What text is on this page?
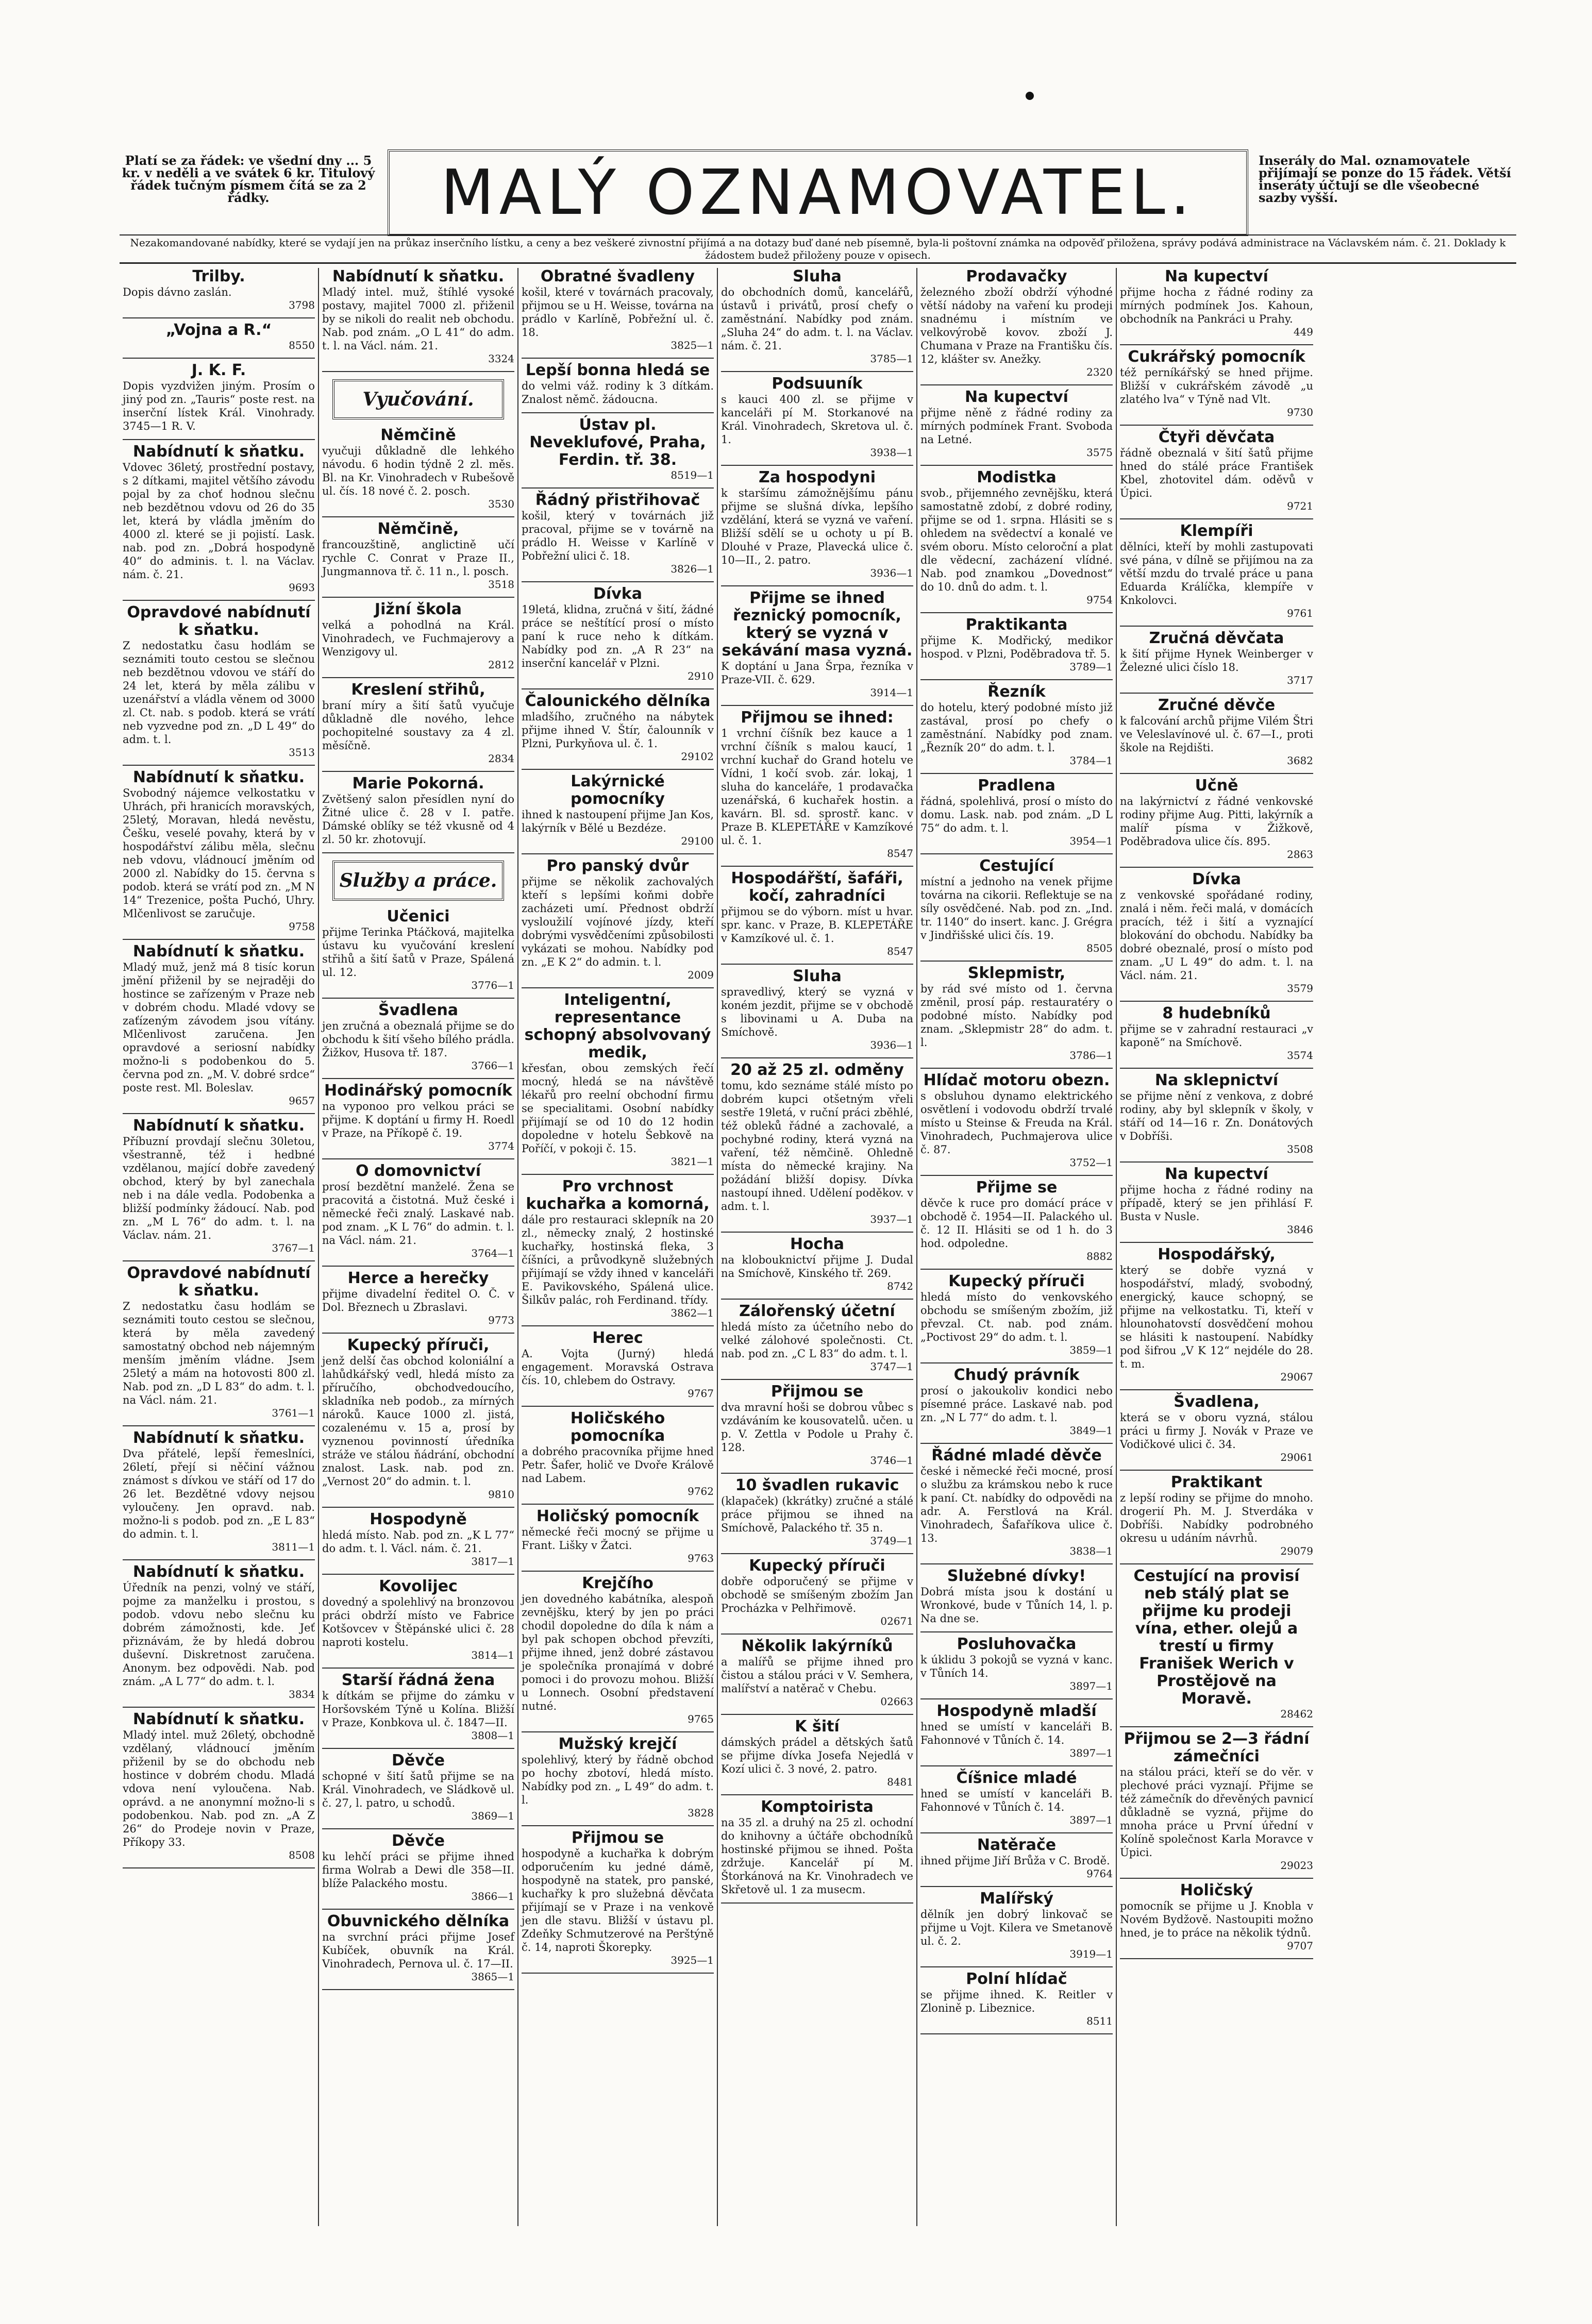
Platí se za řádek: ve všední dny ... 5 kr. v neděli a ve svátek 6 kr. Titulový řádek tučným písmem čítá se za 2 řádky.	MALÝ OZNAMOVATEL.	Inserály do Mal. oznamovatele přijímají se ponze do 15 řádek. Větší inseráty účtují se dle všeobecné sazby vyšší.
Nezakomandované nabídky, které se vydají jen na průkaz inserčního lístku, a ceny a bez veškeré zivnostní přijímá a na dotazy buď dané neb písemně, byla-li poštovní známka na odpověď přiložena, správy podává administrace na Václavském nám. č. 21. Doklady k žádostem budež přiloženy pouze v opisech.
Trilby.

Dopis dávno zaslán.

3798
„Vojna a R.“
8550
J. K. F.

Dopis vyzdvižen jiným. Prosím o jiný pod zn. „Tauris“ poste rest. na inserční lístek Král. Vinohrady. 3745—1 R. V.

Nabídnutí k sňatku.

Vdovec 36letý, prostřední postavy, s 2 dítkami, majitel většího závodu pojal by za choť hodnou slečnu neb bezdětnou vdovu od 26 do 35 let, která by vládla jměním do 4000 zl. které se ji pojistí. Lask. nab. pod zn. „Dobrá hospodyně 40“ do adminis. t. l. na Václav. nám. č. 21.

9693
Opravdové nabídnutí k sňatku.

Z nedostatku času hodlám se seznámiti touto cestou se slečnou neb bezdětnou vdovou ve stáří do 24 let, která by měla zálibu v uzenářství a vládla věnem od 3000 zl. Ct. nab. s podob. která se vrátí neb vyzvedne pod zn. „D L 49“ do adm. t. l.

3513
Nabídnutí k sňatku.

Svobodný nájemce velkostatku v Uhrách, při hranicích moravských, 25letý, Moravan, hledá nevěstu, Češku, veselé povahy, která by v hospodářství zálibu měla, slečnu neb vdovu, vládnoucí jměním od 2000 zl. Nabídky do 15. června s podob. která se vrátí pod zn. „M N 14“ Trezenice, pošta Puchó, Uhry. Mlčenlivost se zaručuje.

9758
Nabídnutí k sňatku.

Mladý muž, jenž má 8 tisíc korun jmění přiženil by se nejraději do hostince se zařízeným v Praze neb v dobrém chodu. Mladé vdovy se zaťízeným závodem jsou vítány. Mlčenlivost zaručena. Jen opravdové a seriosní nabídky možno-li s podobenkou do 5. června pod zn. „M. V. dobré srdce“ poste rest. Ml. Boleslav.

9657
Nabídnutí k sňatku.

Příbuzní provdají slečnu 30letou, všestranně, též i hedbné vzdělanou, mající dobře zavedený obchod, který by byl zanechala neb i na dále vedla. Podobenka a bližší podmínky žádoucí. Nab. pod zn. „M L 76“ do adm. t. l. na Václav. nám. 21.

3767—1
Opravdové nabídnutí k sňatku.

Z nedostatku času hodlám se seznámiti touto cestou se slečnou, která by měla zavedený samostatný obchod neb nájemným menším jměním vládne. Jsem 25letý a mám na hotovosti 800 zl. Nab. pod zn. „D L 83“ do adm. t. l. na Václ. nám. 21.

3761—1
Nabídnutí k sňatku.

Dva přátelé, lepší řemeslníci, 26letí, přejí si něčiní vážnou známost s dívkou ve stáří od 17 do 26 let. Bezdětné vdovy nejsou vyloučeny. Jen opravd. nab. možno-li s podob. pod zn. „E L 83“ do admin. t. l.

3811—1
Nabídnutí k sňatku.

Úředník na penzi, volný ve stáří, pojme za manželku i prostou, s podob. vdovu nebo slečnu ku dobrém zámožnosti, kde. Jeť přiznávám, že by hledá dobrou duševní. Diskretnost zaručena. Anonym. bez odpovědi. Nab. pod znám. „A L 77“ do adm. t. l.

3834
Nabídnutí k sňatku.

Mladý intel. muž 26letý, obchodně vzdělaný, vládnoucí jměním přiženil by se do obchodu neb hostince v dobrém chodu. Mladá vdova není vyloučena. Nab. oprávd. a ne anonymní možno-li s podobenkou. Nab. pod zn. „A Z 26“ do Prodeje novin v Praze, Příkopy 33.

8508
Nabídnutí k sňatku.

Mladý intel. muž, štíhlé vysoké postavy, majitel 7000 zl. přiženil by se nikoli do realit neb obchodu. Nab. pod znám. „O L 41“ do adm. t. l. na Václ. nám. 21.

3324
Vyučování.
Němčině

vyučuji důkladně dle lehkého návodu. 6 hodin týdně 2 zl. měs. Bl. na Kr. Vinohradech v Rubešově ul. čís. 18 nové č. 2. posch.

3530
Němčině,

francouzštině, anglictině učí rychle C. Conrat v Praze II., Jungmannova tř. č. 11 n., l. posch.

3518
Jižní škola

velká a pohodlná na Král. Vinohradech, ve Fuchmajerovy a Wenzigovy ul.

2812
Kreslení střihů,

braní míry a šití šatů vyučuje důkladně dle nového, lehce pochopitelné soustavy za 4 zl. měsíčně.

2834
Marie Pokorná.

Zvětšený salon přesídlen nyní do Žitné ulice č. 28 v I. patře. Dámské oblíky se též vkusně od 4 zl. 50 kr. zhotovují.

Služby a práce.
Učenici

přijme Terinka Ptáčková, majitelka ústavu ku vyučování kreslení střihů a šití šatů v Praze, Spálená ul. 12.

3776—1
Švadlena

jen zručná a obeznalá přijme se do obchodu k šití všeho bílého prádla. Žižkov, Husova tř. 187.

3766—1
Hodinářský pomocník

na vyponoo pro velkou práci se přijme. K doptání u firmy H. Roedl v Praze, na Příkopě č. 19.

3774
O domovnictví

prosí bezdětní manželé. Žena se pracovitá a čistotná. Muž české i německé řeči znalý. Laskavé nab. pod znam. „K L 76“ do admin. t. l. na Václ. nám. 21.

3764—1
Herce a herečky

přijme divadelní ředitel O. Č. v Dol. Březnech u Zbraslavi.

9773
Kupecký příruči,

jenž delší čas obchod koloniální a lahůdkářský vedl, hledá místo za příručího, obchodvedoucího, skladníka neb podob., za mírných nároků. Kauce 1000 zl. jistá, cozalenému v. 15 a, prosí by vyznenou povinností úředníka stráže ve stálou ňádrání, obchodní znalost. Lask. nab. pod zn. „Vernost 20“ do admin. t. l.

9810
Hospodyně

hledá místo. Nab. pod zn. „K L 77“ do adm. t. l. Václ. nám. č. 21.

3817—1
Kovolijec

dovedný a spolehlivý na bronzovou práci obdrží místo ve Fabrice Kotšovcev v Štěpánské ulici č. 28 naproti kostelu.

3814—1
Starší řádná žena

k dítkám se přijme do zámku v Horšovském Týně u Kolína. Bližší v Praze, Konbkova ul. č. 1847—II.

3808—1
Děvče

schopné v šití šatů přijme se na Král. Vinohradech, ve Sládkově ul. č. 27, l. patro, u schodů.

3869—1
Děvče

ku lehčí práci se přijme ihned firma Wolrab a Dewi dle 358—II. blíže Palackého mostu.

3866—1
Obuvnického dělníka

na svrchní práci přijme Josef Kubíček, obuvník na Král. Vinohradech, Pernova ul. č. 17—II.

3865—1
Obratné švadleny

košil, které v továrnách pracovaly, přijmou se u H. Weisse, továrna na prádlo v Karlíně, Pobřežní ul. č. 18.

3825—1
Lepší bonna hledá se

do velmi váž. rodiny k 3 dítkám. Znalost němč. žádoucna.

Ústav pl. Neveklufové, Praha, Ferdin. tř. 38.
8519—1
Řádný přistřihovač

košil, který v továrnách již pracoval, přijme se v továrně na prádlo H. Weisse v Karlíně v Pobřežní ulici č. 18.

3826—1
Dívka

19letá, klidna, zručná v šití, žádné práce se neštítící prosí o místo paní k ruce neho k dítkám. Nabídky pod zn. „A R 23“ na inserční kancelář v Plzni.

2910
Čalounického dělníka

mladšího, zručného na nábytek přijme ihned V. Štír, čalounník v Plzni, Purkyňova ul. č. 1.

29102
Lakýrnické pomocníky

ihned k nastoupení přijme Jan Kos, lakýrník v Bělé u Bezdéze.

29100
Pro panský dvůr

přijme se několik zachovalých kteří s lepšími koňmi dobře zacházeti umí. Přednost obdrží vysloužilí vojínové jízdy, kteří dobrými vysvědčeními způsobilosti vykázati se mohou. Nabídky pod zn. „E K 2“ do admin. t. l.

2009
Inteligentní, representance schopný absolvovaný medik,

křesťan, obou zemských řečí mocný, hledá se na návštěvě lékařů pro reelní obchodní firmu se specialitami. Osobní nabídky přijímají se od 10 do 12 hodin dopoledne v hotelu Šebkově na Poříčí, v pokoji č. 15.

3821—1
Pro vrchnost kuchařka a komorná,

dále pro restauraci sklepník na 20 zl., německy znalý, 2 hostinské kuchařky, hostinská fleka, 3 číšníci, a průvodkyně služebných přijímají se vždy ihned v kanceláři E. Pavikovského, Spálená ulice. Šilkův palác, roh Ferdinand. třídy.

3862—1
Herec

A. Vojta (Jurný) hledá engagement. Moravská Ostrava čís. 10, chlebem do Ostravy.

9767
Holičského pomocníka

a dobrého pracovníka přijme hned Petr. Šafer, holič ve Dvoře Králově nad Labem.

9762
Holičský pomocník

německé řeči mocný se přijme u Frant. Lišky v Žatci.

9763
Krejčího

jen dovedného kabátníka, alespoň zevnějšku, který by jen po práci chodil dopoledne do díla k nám a byl pak schopen obchod převzíti, přijme ihned, jenž dobré zástavou je společníka pronajímá v dobré pomoci i do provozu mohou. Bližší u Lonnech. Osobní představení nutné.

9765
Mužský krejčí

spolehlivý, který by řádně obchod po hochy zbotoví, hledá místo. Nabídky pod zn. „ L 49“ do adm. t. l.

3828
Přijmou se

hospodyně a kuchařka k dobrým odporučením ku jedné dámě, hospodyně na statek, pro panské, kuchařky k pro služebná děvčata přijímají se v Praze i na venkově jen dle stavu. Bližší v ústavu pl. Zdeňky Schmutzerové na Perštýně č. 14, naproti Škorepky.

3925—1
Sluha

do obchodních domů, kancelářů, ústavů i privátů, prosí chefy o zaměstnání. Nabídky pod znám. „Sluha 24“ do adm. t. l. na Václav. nám. č. 21.

3785—1
Podsuuník

s kauci 400 zl. se přijme v kanceláři pí M. Storkanové na Král. Vinohradech, Skretova ul. č. 1.

3938—1
Za hospodyni

k staršímu zámožnějšímu pánu přijme se slušná dívka, lepšího vzdělání, která se vyzná ve vaření. Bližší sdělí se u ochoty u pí B. Dlouhé v Praze, Plavecká ulice č. 10—II., 2. patro.

3936—1
Přijme se ihned řeznický pomocník, který se vyzná v sekávání masa vyzná.

K doptání u Jana Šrpa, řezníka v Praze-VII. č. 629.

3914—1
Přijmou se ihned:

1 vrchní číšník bez kauce a 1 vrchní číšník s malou kaucí, 1 vrchní kuchař do Grand hotelu ve Vídni, 1 kočí svob. zár. lokaj, 1 sluha do kanceláře, 1 prodavačka uzenářská, 6 kuchařek hostin. a kavárn. Bl. sd. sprostř. kanc. v Praze B. KLEPETÁŘE v Kamzíkové ul. č. 1.

8547
Hospodářští, šafáři, kočí, zahradníci

přijmou se do výborn. míst u hvar. spr. kanc. v Praze, B. KLEPETÁŘE v Kamzíkové ul. č. 1.

8547
Sluha

spravedlivý, který se vyzná v koném jezdit, přijme se v obchodě s libovinami u A. Duba na Smíchově.

3936—1
20 až 25 zl. odměny

tomu, kdo seznáme stálé místo po dobrém kupci otšetným vřeli sestře 19letá, v ruční práci zběhlé, též obleků řádné a zachovalé, a pochybné rodiny, která vyzná na vaření, též němčině. Ohledně místa do německé krajiny. Na požádání bližší dopisy. Dívka nastoupí ihned. Udělení poděkov. v adm. t. l.

3937—1
Hocha

na klobouknictví přijme J. Dudal na Smíchově, Kinského tř. 269.

8742
Zálořenský účetní

hledá místo za účetního nebo do velké zálohové společnosti. Ct. nab. pod zn. „C L 83“ do adm. t. l.

3747—1
Přijmou se

dva mravní hoši se dobrou vůbec s vzdáváním ke kousovatelů. učen. u p. V. Zettla v Podole u Prahy č. 128.

3746—1
10 švadlen rukavic

(klapaček) (kkrátky) zručné a stálé práce přijmou se ihned na Smíchově, Palackého tř. 35 n.

3749—1
Kupecký příruči

dobře odporučený se přijme v obchodě se smíšeným zbožím Jan Procházka v Pelhřimově.

02671
Několik lakýrníků

a malířů se přijme ihned pro čistou a stálou práci v V. Semhera, malířství a natěrač v Chebu.

02663
K šití

dámských prádel a dětských šatů se přijme dívka Josefa Nejedlá v Kozí ulici č. 3 nové, 2. patro.

8481
Komptoiristа

na 35 zl. a druhý na 25 zl. ochodní do knihovny a účtáře obchodníků hostinské přijmou se ihned. Pošta zdržuje. Kancelář pí M. Štorkánová na Kr. Vinohradech ve Skřetově ul. 1 za musecm.

Prodavačky

železného zboží obdrží výhodné větší nádoby na vaření ku prodeji snadnému i místním ve velkovýrobě kovov. zboží J. Chumana v Praze na Františku čís. 12, klášter sv. Anežky.

2320
Na kupectví

přijme něně z řádné rodiny za mírných podmínek Frant. Svoboda na Letné.

3575
Modistka

svob., přijemného zevnějšku, která samostatně zdobí, z dobré rodiny, přijme se od 1. srpna. Hlásiti se s ohledem na svědectví a konalé ve svém oboru. Místo celoroční a plat dle vědecní, zacházení vlídné. Nab. pod znamkou „Dovednost“ do 10. dnů do adm. t. l.

9754
Praktikanta

přijme K. Modřický, medikor hospod. v Plzni, Poděbradova tř. 5.

3789—1
Řezník

do hotelu, který podobné místo již zastával, prosí po chefy o zaměstnání. Nabídky pod znam. „Řezník 20“ do adm. t. l.

3784—1
Pradlena

řádná, spolehlivá, prosí o místo do domu. Lask. nab. pod znám. „D L 75“ do adm. t. l.

3954—1
Cestující

místní a jednoho na venek přijme továrna na cikorii. Reflektuje se na síly osvědčené. Nab. pod zn. „Ind. tr. 1140“ do insert. kanc. J. Grégra v Jindřišské ulici čís. 19.

8505
Sklepmistr,

by rád své místo od 1. června změnil, prosí páp. restauratéry o podobné místo. Nabídky pod znam. „Sklepmistr 28“ do adm. t. l.

3786—1
Hlídač motoru obezn.

s obsluhou dynamo elektrického osvětlení i vodovodu obdrží trvalé místo u Steinse & Freuda na Král. Vinohradech, Puchmajerova ulice č. 87.

3752—1
Přijme se

děvče k ruce pro domácí práce v obchodě č. 1954—II. Palackého ul. č. 12 II. Hlásiti se od 1 h. do 3 hod. odpoledne.

8882
Kupecký příruči

hledá místo do venkovského obchodu se smíšeným zbožím, již převzal. Ct. nab. pod znám. „Poctivost 29“ do adm. t. l.

3859—1
Chudý právník

prosí o jakoukoliv kondici nebo písemné práce. Laskavé nab. pod zn. „N L 77“ do adm. t. l.

3849—1
Řádné mladé děvče

české i německé řeči mocné, prosí o službu za krámskou nebo k ruce k paní. Ct. nabídky do odpovědi na adr. A. Ferstlová na Král. Vinohradech, Šafaříkova ulice č. 13.

3838—1
Služebné dívky!

Dobrá místa jsou k dostání u Wronkové, bude v Tůních 14, l. p. Na dne se.

Posluhovačka

k úklidu 3 pokojů se vyzná v kanc. v Tůních 14.

3897—1
Hospodyně mladší

hned se umístí v kanceláři B. Fahonnové v Tůních č. 14.

3897—1
Číšnice mladé

hned se umístí v kanceláři B. Fahonnové v Tůních č. 14.

3897—1
Natěrače

ihned přijme Jiří Brůža v C. Brodě.

9764
Malířský

dělník jen dobrý linkovač se přijme u Vojt. Kilera ve Smetanově ul. č. 2.

3919—1
Polní hlídač

se přijme ihned. K. Reitler v Zlonině p. Libeznice.

8511
Na kupectví

přijme hocha z řádné rodiny za mírných podmínek Jos. Kahoun, obchodník na Pankráci u Prahy.

449
Cukrářský pomocník

též perníkářský se hned přijme. Bližší v cukrářském závodě „u zlatého lva“ v Týně nad Vlt.

9730
Čtyři děvčata

řádně obeznalá v šití šatů přijme hned do stálé práce František Kbel, zhotovitel dám. oděvů v Úpici.

9721
Klempíři

dělníci, kteří by mohli zastupovati své pána, v dílně se přijímou na za větší mzdu do trvalé práce u pana Eduarda Králíčka, klempíře v Knkolovci.

9761
Zručná děvčata

k šití přijme Hynek Weinberger v Železné ulici číslo 18.

3717
Zručné děvče

k falcování archů přijme Vilém Štri ve Veleslavínové ul. č. 67—I., proti škole na Rejdišti.

3682
Učně

na lakýrnictví z řádné venkovské rodiny přijme Aug. Pitti, lakýrník a malíř písma v Žižkově, Poděbradova ulice čís. 895.

2863
Dívka

z venkovské spořádané rodiny, znalá i něm. řeči malá, v domácích pracích, též i šití a vyznající blokování do obchodu. Nabídky ba dobré obeznalé, prosí o místo pod znam. „U L 49“ do adm. t. l. na Václ. nám. 21.

3579
8 hudebníků

přijme se v zahradní restauraci „v kaponě“ na Smíchově.

3574
Na sklepnictví

se přijme nění z venkova, z dobré rodiny, aby byl sklepník v školy, v stáří od 14—16 r. Zn. Donátových v Dobříši.

3508
Na kupectví

přijme hocha z řádné rodiny na případě, který se jen přihlásí F. Busta v Nusle.

3846
Hospodářský,

který se dobře vyzná v hospodářství, mladý, svobodný, energický, kauce schopný, se přijme na velkostatku. Ti, kteří v hlounohatovstí dosvědčení mohou se hlásiti k nastoupení. Nabídky pod šifrou „V K 12“ nejdéle do 28. t. m.

29067
Švadlena,

která se v oboru vyzná, stálou práci u firmy J. Novák v Praze ve Vodičkové ulici č. 34.

29061
Praktikant

z lepší rodiny se přijme do mnoho. drogerií Ph. M. J. Stverdáka v Dobříši. Nabídky podrobného okresu u udáním návrhů.

29079
Cestující na provisí neb stálý plat se přijme ku prodeji vína, ether. olejů a trestí u firmy Franišek Werich v Prostějově na Moravě.
28462
Přijmou se 2—3 řádní zámečníci

na stálou práci, kteří se do věr. v plechové práci vyznají. Přijme se též zámečník do dřevěných pavnicí důkladně se vyzná, přijme do mnoha práce u První úřední v Kolíně společnost Karla Moravce v Úpici.

29023
Holičský

pomocník se přijme u J. Knobla v Novém Bydžově. Nastoupiti možno hned, je to práce na několik týdnů.

9707
